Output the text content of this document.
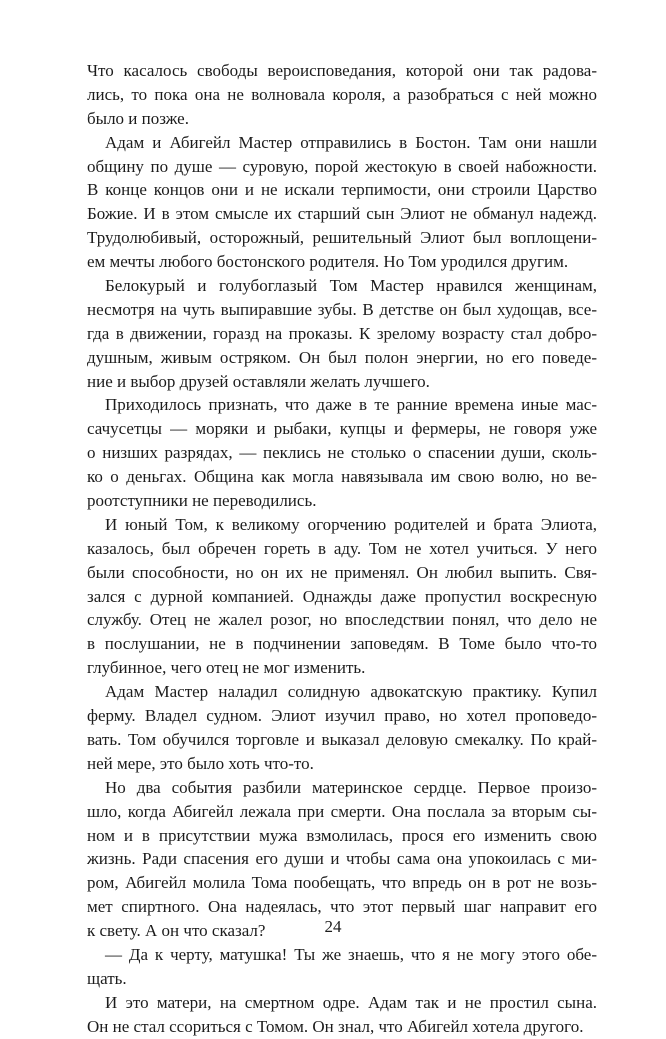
Что касалось свободы вероисповедания, которой они так радова-
лись, то пока она не волновала короля, а разобраться с ней можно
было и позже.
Адам и Абигейл Мастер отправились в Бостон. Там они нашли
общину по душе — суровую, порой жестокую в своей набожности.
В конце концов они и не искали терпимости, они строили Царство
Божие. И в этом смысле их старший сын Элиот не обманул надежд.
Трудолюбивый, осторожный, решительный Элиот был воплощени-
ем мечты любого бостонского родителя. Но Том уродился другим.
Белокурый и голубоглазый Том Мастер нравился женщинам,
несмотря на чуть выпиравшие зубы. В детстве он был худощав, все-
гда в движении, горазд на проказы. К зрелому возрасту стал добро-
душным, живым остряком. Он был полон энергии, но его поведе-
ние и выбор друзей оставляли желать лучшего.
Приходилось признать, что даже в те ранние времена иные мас-
сачусетцы — моряки и рыбаки, купцы и фермеры, не говоря уже
о низших разрядах, — пеклись не столько о спасении души, сколь-
ко о деньгах. Община как могла навязывала им свою волю, но ве-
роотступники не переводились.
И юный Том, к великому огорчению родителей и брата Элиота,
казалось, был обречен гореть в аду. Том не хотел учиться. У него
были способности, но он их не применял. Он любил выпить. Свя-
зался с дурной компанией. Однажды даже пропустил воскресную
службу. Отец не жалел розог, но впоследствии понял, что дело не
в послушании, не в подчинении заповедям. В Томе было что-то
глубинное, чего отец не мог изменить.
Адам Мастер наладил солидную адвокатскую практику. Купил
ферму. Владел судном. Элиот изучил право, но хотел проповедо-
вать. Том обучился торговле и выказал деловую смекалку. По край-
ней мере, это было хоть что-то.
Но два события разбили материнское сердце. Первое произо-
шло, когда Абигейл лежала при смерти. Она послала за вторым сы-
ном и в присутствии мужа взмолилась, прося его изменить свою
жизнь. Ради спасения его души и чтобы сама она упокоилась с ми-
ром, Абигейл молила Тома пообещать, что впредь он в рот не возь-
мет спиртного. Она надеялась, что этот первый шаг направит его
к свету. А он что сказал?
— Да к черту, матушка! Ты же знаешь, что я не могу этого обе-
щать.
И это матери, на смертном одре. Адам так и не простил сына.
Он не стал ссориться с Томом. Он знал, что Абигейл хотела другого.
24
